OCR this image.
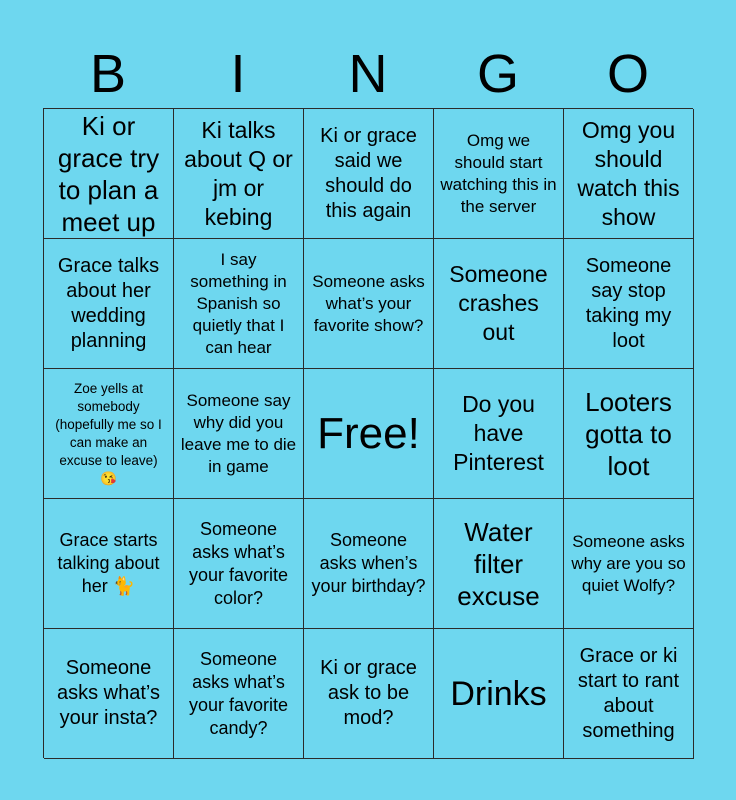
B	I	N	G	O
Ki or grace try to plan a meet up
Ki talks about Q or jm or kebing
Ki or grace said we should do this again
Omg we should start watching this in the server
Omg you should watch this show
Grace talks about her wedding planning
I say something in Spanish so quietly that I can hear
Someone asks what’s your favorite show?
Someone crashes out
Someone say stop taking my loot
Zoe yells at somebody (hopefully me so I can make an excuse to leave) 😘
Someone say why did you leave me to die in game
Free!
Do you have Pinterest
Looters gotta to loot
Grace starts talking about her 🐈
Someone asks what’s your favorite color?
Someone asks when’s your birthday?
Water filter excuse
Someone asks why are you so quiet Wolfy?
Someone asks what’s your insta?
Someone asks what’s your favorite candy?
Ki or grace ask to be mod?
Drinks
Grace or ki start to rant about something
